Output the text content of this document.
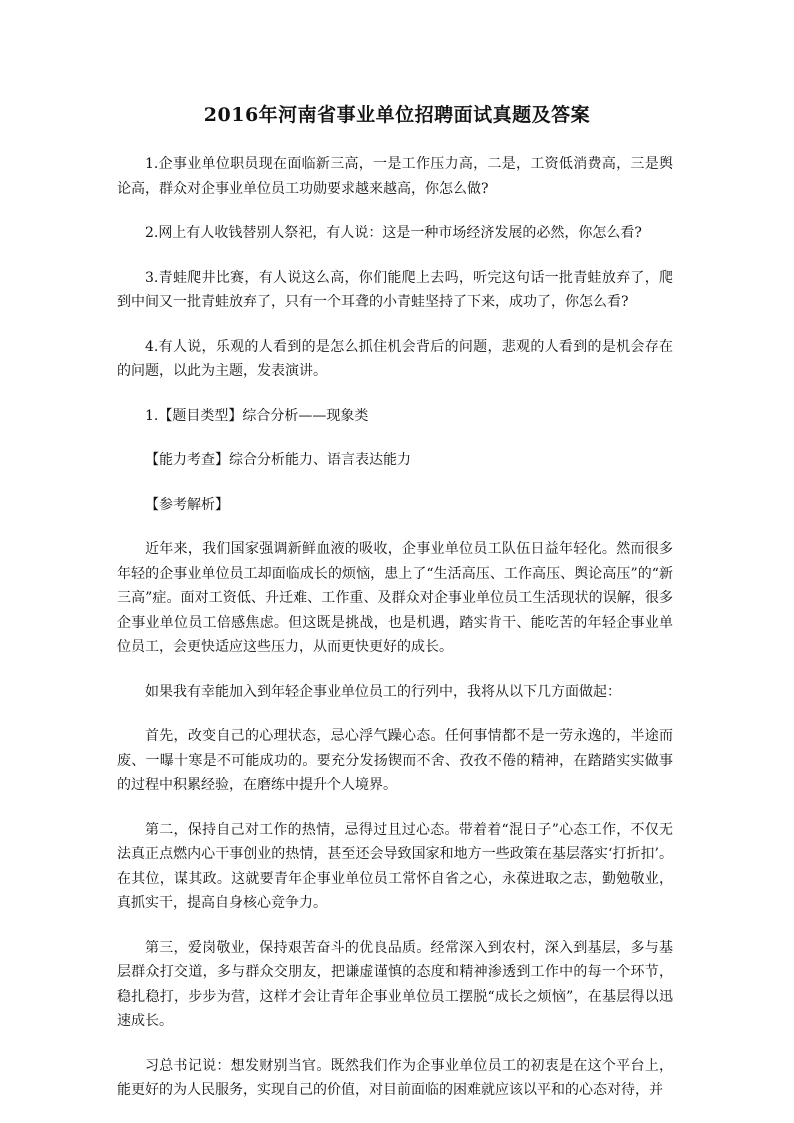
2016年河南省事业单位招聘面试真题及答案

1.企事业单位职员现在面临新三高，一是工作压力高，二是，工资低消费高，三是舆论高，群众对企事业单位员工功勋要求越来越高，你怎么做?

2.网上有人收钱替别人祭祀，有人说：这是一种市场经济发展的必然，你怎么看?

3.青蛙爬井比赛，有人说这么高，你们能爬上去吗，听完这句话一批青蛙放弃了，爬到中间又一批青蛙放弃了，只有一个耳聋的小青蛙坚持了下来，成功了，你怎么看?

4.有人说，乐观的人看到的是怎么抓住机会背后的问题，悲观的人看到的是机会存在的问题，以此为主题，发表演讲。

1.【题目类型】综合分析——现象类

【能力考查】综合分析能力、语言表达能力

【参考解析】

近年来，我们国家强调新鲜血液的吸收，企事业单位员工队伍日益年轻化。然而很多年轻的企事业单位员工却面临成长的烦恼，患上了“生活高压、工作高压、舆论高压”的“新三高”症。面对工资低、升迁难、工作重、及群众对企事业单位员工生活现状的误解，很多企事业单位员工倍感焦虑。但这既是挑战，也是机遇，踏实肯干、能吃苦的年轻企事业单位员工，会更快适应这些压力，从而更快更好的成长。

如果我有幸能加入到年轻企事业单位员工的行列中，我将从以下几方面做起：

首先，改变自己的心理状态，忌心浮气躁心态。任何事情都不是一劳永逸的，半途而废、一曝十寒是不可能成功的。要充分发扬锲而不舍、孜孜不倦的精神，在踏踏实实做事的过程中积累经验，在磨练中提升个人境界。

第二，保持自己对工作的热情，忌得过且过心态。带着着“混日子”心态工作，不仅无法真正点燃内心干事创业的热情，甚至还会导致国家和地方一些政策在基层落实‘打折扣’。在其位，谋其政。这就要青年企事业单位员工常怀自省之心，永葆进取之志，勤勉敬业，真抓实干，提高自身核心竞争力。

第三，爱岗敬业，保持艰苦奋斗的优良品质。经常深入到农村，深入到基层，多与基层群众打交道，多与群众交朋友，把谦虚谨慎的态度和精神渗透到工作中的每一个环节，稳扎稳打，步步为营，这样才会让青年企事业单位员工摆脱“成长之烦恼”，在基层得以迅速成长。

习总书记说：想发财别当官。既然我们作为企事业单位员工的初衷是在这个平台上，能更好的为人民服务，实现自己的价值，对目前面临的困难就应该以平和的心态对待，并
